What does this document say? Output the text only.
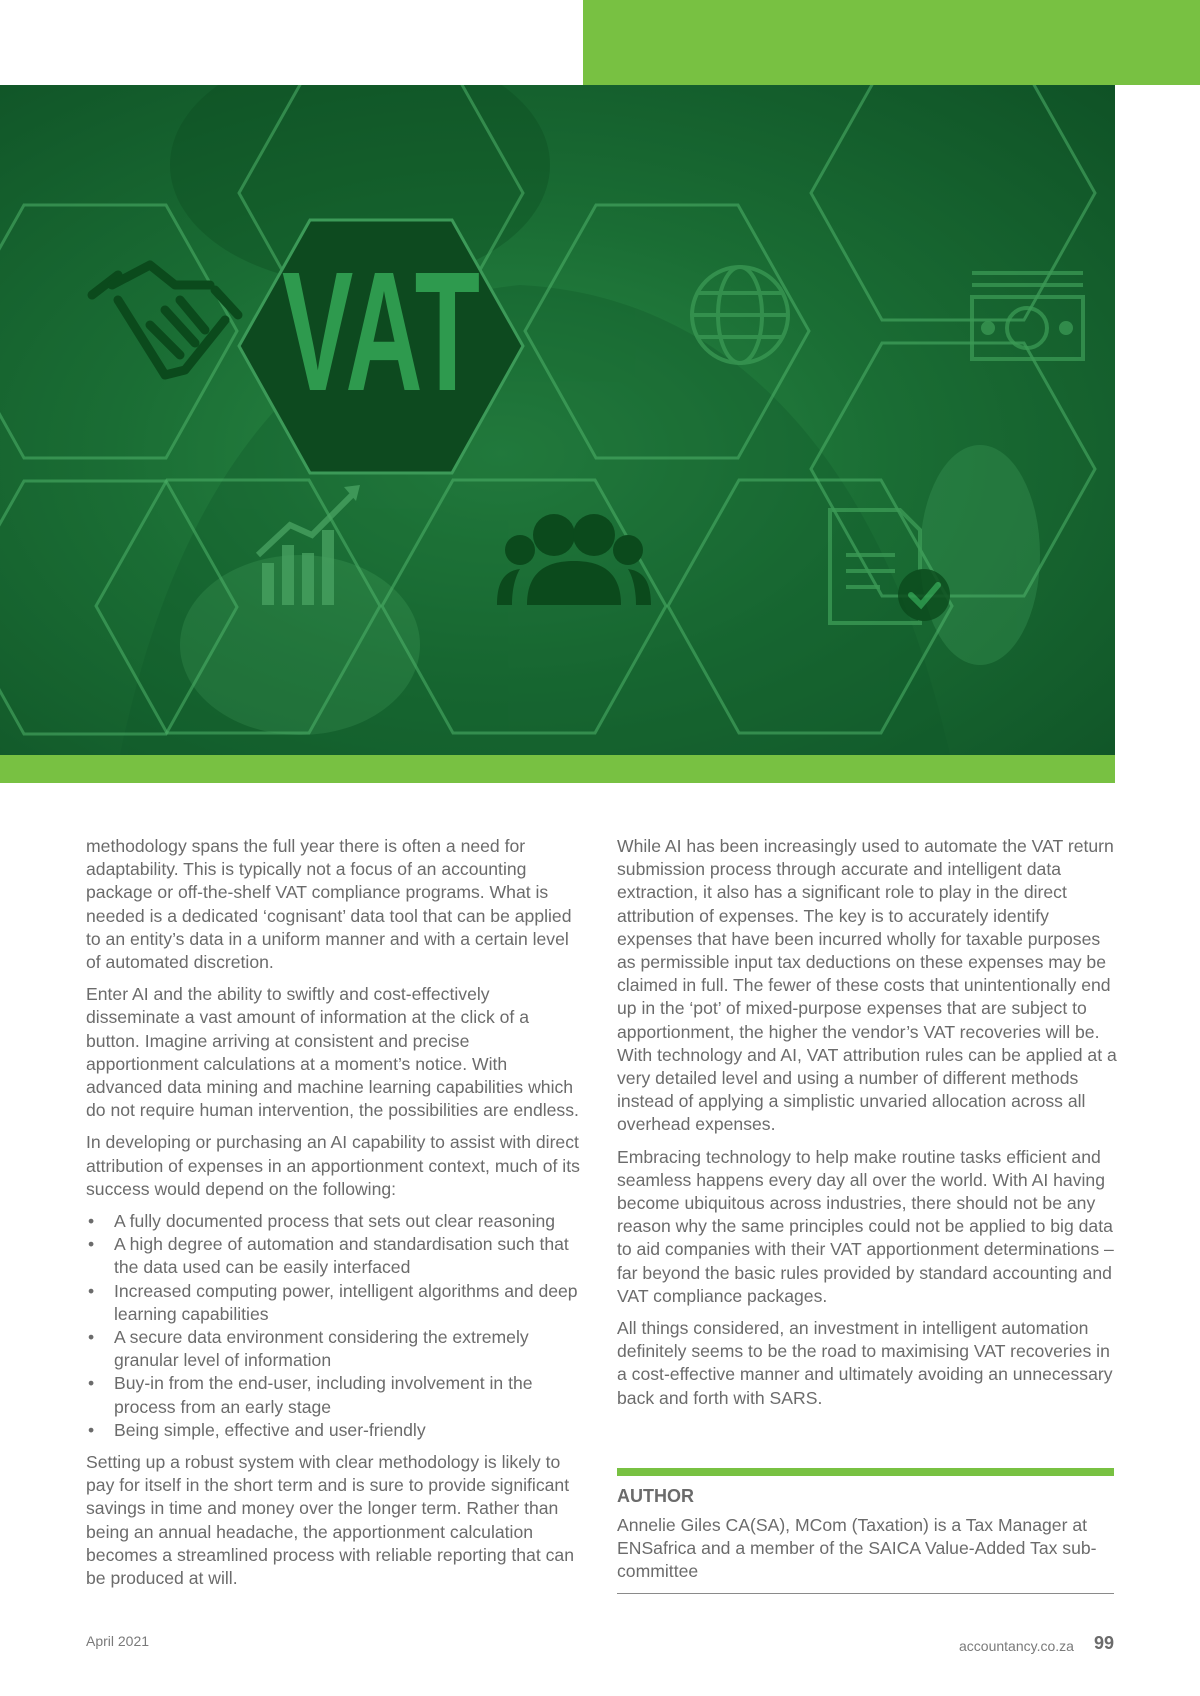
VAT

methodology spans the full year there is often a need for adaptability. This is typically not a focus of an accounting package or off-the-shelf VAT compliance programs. What is needed is a dedicated ‘cognisant’ data tool that can be applied to an entity’s data in a uniform manner and with a certain level of automated discretion.

Enter AI and the ability to swiftly and cost-effectively disseminate a vast amount of information at the click of a button. Imagine arriving at consistent and precise apportionment calculations at a moment’s notice. With advanced data mining and machine learning capabilities which do not require human intervention, the possibilities are endless.

In developing or purchasing an AI capability to assist with direct attribution of expenses in an apportionment context, much of its success would depend on the following:

• A fully documented process that sets out clear reasoning
• A high degree of automation and standardisation such that the data used can be easily interfaced
• Increased computing power, intelligent algorithms and deep learning capabilities
• A secure data environment considering the extremely granular level of information
• Buy-in from the end-user, including involvement in the process from an early stage
• Being simple, effective and user-friendly

Setting up a robust system with clear methodology is likely to pay for itself in the short term and is sure to provide significant savings in time and money over the longer term. Rather than being an annual headache, the apportionment calculation becomes a streamlined process with reliable reporting that can be produced at will.

While AI has been increasingly used to automate the VAT return submission process through accurate and intelligent data extraction, it also has a significant role to play in the direct attribution of expenses. The key is to accurately identify expenses that have been incurred wholly for taxable purposes as permissible input tax deductions on these expenses may be claimed in full. The fewer of these costs that unintentionally end up in the ‘pot’ of mixed-purpose expenses that are subject to apportionment, the higher the vendor’s VAT recoveries will be. With technology and AI, VAT attribution rules can be applied at a very detailed level and using a number of different methods instead of applying a simplistic unvaried allocation across all overhead expenses.

Embracing technology to help make routine tasks efficient and seamless happens every day all over the world. With AI having become ubiquitous across industries, there should not be any reason why the same principles could not be applied to big data to aid companies with their VAT apportionment determinations – far beyond the basic rules provided by standard accounting and VAT compliance packages.

All things considered, an investment in intelligent automation definitely seems to be the road to maximising VAT recoveries in a cost-effective manner and ultimately avoiding an unnecessary back and forth with SARS.

AUTHOR
Annelie Giles CA(SA), MCom (Taxation) is a Tax Manager at ENSafrica and a member of the SAICA Value-Added Tax sub-committee
April 2021	accountancy.co.za 99
